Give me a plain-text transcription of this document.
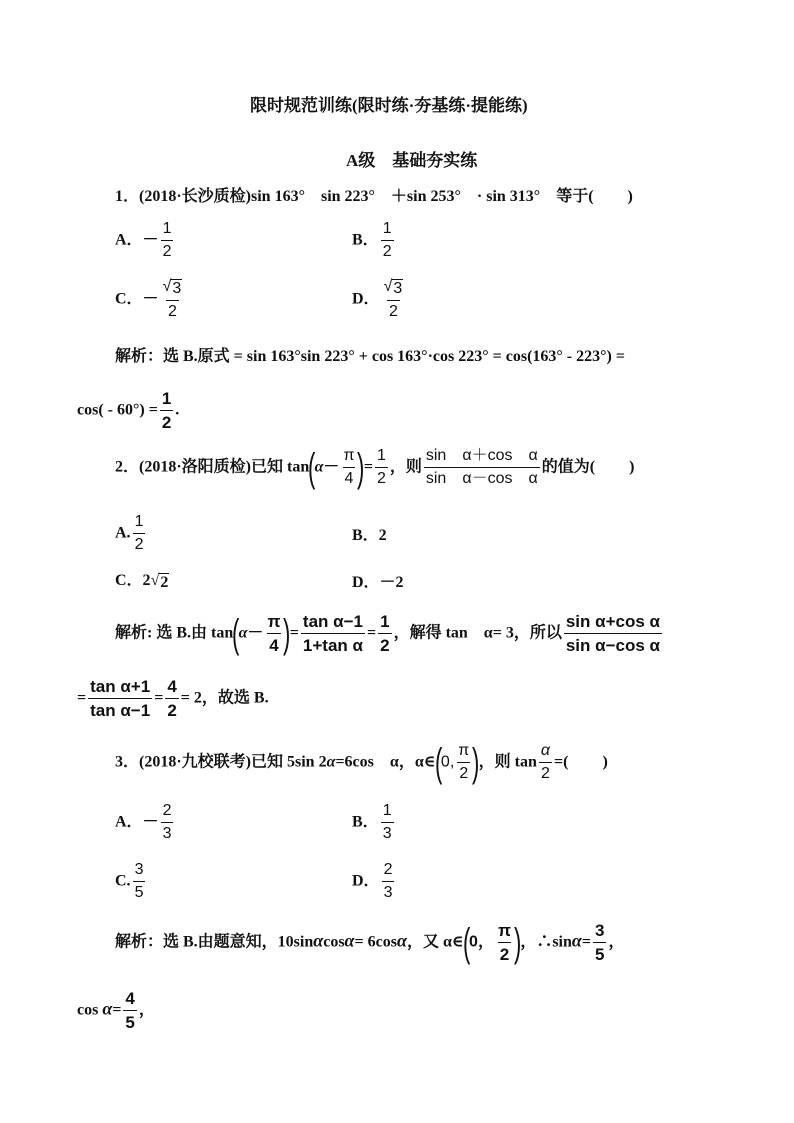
限时规范训练(限时练·夯基练·提能练)
A级　基础夯实练
1．(2018·长沙质检)sin 163°　sin 223°　＋sin 253°　· sin 313°　等于( )
A．－ $\frac{1}{2}$	B． $\frac{1}{2}$
C．－ $\frac{√ 3}{2}$	D． $\frac{√ 3}{2}$
解析：选 B.原式 = sin 163°sin 223° + cos 163°·cos 223° = cos(163° ‐ 223°) =
cos( ‐ $60^\circ) = \frac{1}{2}$ .
2．(2018·洛阳质检)已知 $\tan(\alpha- \frac{\pi}{4}$ )= $\frac{1}{2}$ ，则 $\frac{\text{sin　α＋cos　α}}{\text{sin　α－cos　α}}$ 的值为( )
A. $\frac{1}{2}$	B．2
C．2 √ 2	D．－2
解析: 选 B.由 $\tan(\alpha- \frac{\pi}{4}$ )= $\frac{\text{tan α−1}}{\text{1+tan α}} = \frac{1}{2}$ ，解得 tan　α= 3，所以 $\frac{\text{sin α+cos α}}{\text{sin α−cos α}}$
= $\frac{\text{tan α+1}}{\text{tan α−1}} = \frac{4}{2} = 2$，故选 B.
3．(2018·九校联考)已知 5sin 2α=6cos　α，α∈(0, $\frac{\pi}{2}$ )，则 $\tan \frac{\alpha}{2}$ =( )
A．－ $\frac{2}{3}$	B． $\frac{1}{3}$
C. $\frac{3}{5}$	D． $\frac{2}{3}$
解析：选 B.由题意知，10sinαcosα= 6cosα，又 α∈(0， $\frac{\pi}{2}$ )，∴sinα= $\frac{3}{5}$ ，
$\cos \alpha= \frac{4}{5}$ ，
